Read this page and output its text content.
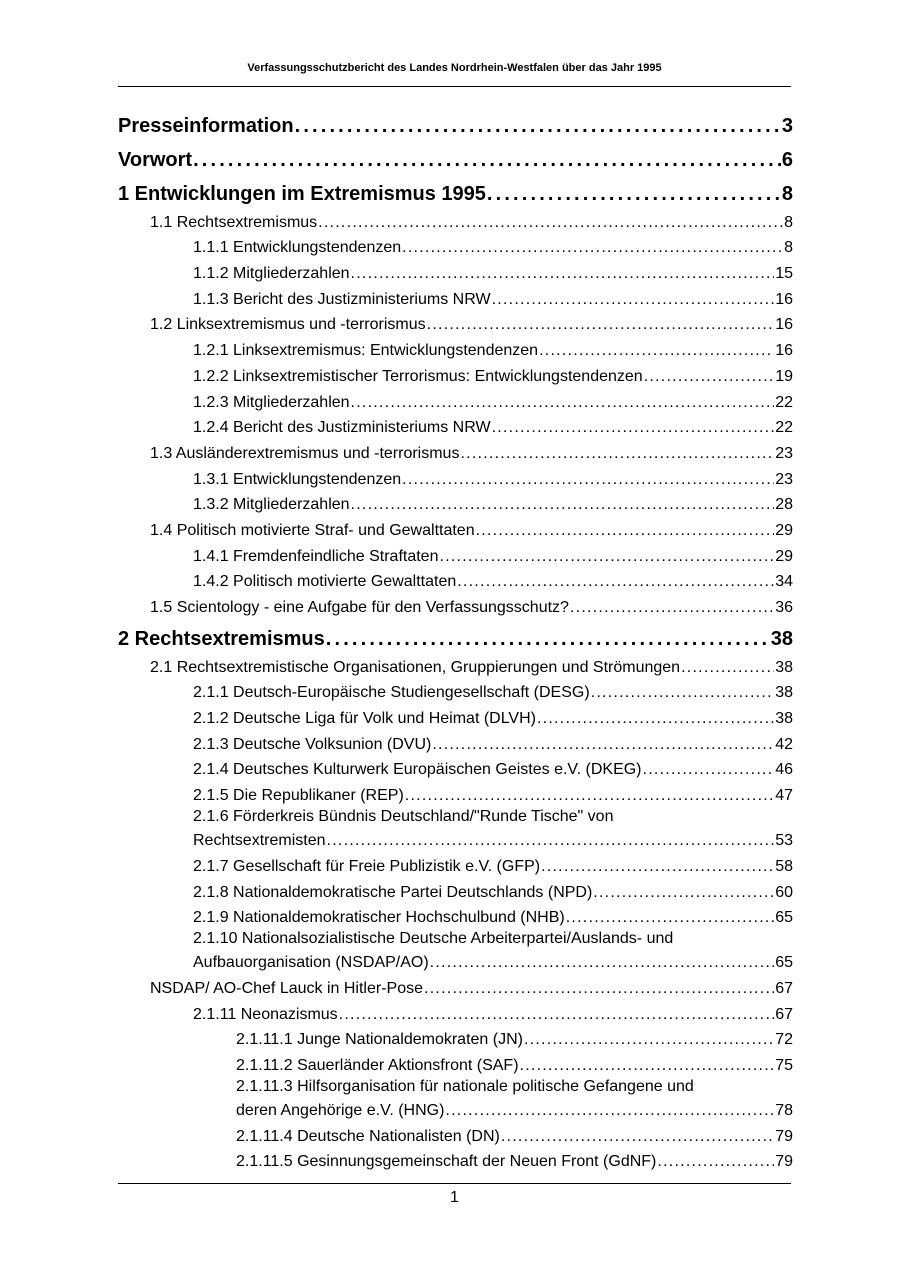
Verfassungsschutzbericht des Landes Nordrhein-Westfalen über das Jahr 1995
Presseinformation . . .	3
Vorwort . . .	6
1 Entwicklungen im Extremismus 1995 . . .	8
1.1 Rechtsextremismus . . .	8
1.1.1 Entwicklungstendenzen . . .	8
1.1.2 Mitgliederzahlen . . .	15
1.1.3 Bericht des Justizministeriums NRW . . .	16
1.2 Linksextremismus und -terrorismus . . .	16
1.2.1 Linksextremismus: Entwicklungstendenzen . . .	16
1.2.2 Linksextremistischer Terrorismus: Entwicklungstendenzen . . .	19
1.2.3 Mitgliederzahlen . . .	22
1.2.4 Bericht des Justizministeriums NRW . . .	22
1.3 Ausländerextremismus und -terrorismus . . .	23
1.3.1 Entwicklungstendenzen . . .	23
1.3.2 Mitgliederzahlen . . .	28
1.4 Politisch motivierte Straf- und Gewalttaten . . .	29
1.4.1 Fremdenfeindliche Straftaten . . .	29
1.4.2 Politisch motivierte Gewalttaten . . .	34
1.5 Scientology - eine Aufgabe für den Verfassungsschutz? . . .	36
2 Rechtsextremismus . . .	38
2.1 Rechtsextremistische Organisationen, Gruppierungen und Strömungen . . .	38
2.1.1 Deutsch-Europäische Studiengesellschaft (DESG) . . .	38
2.1.2 Deutsche Liga für Volk und Heimat (DLVH) . . .	38
2.1.3 Deutsche Volksunion (DVU) . . .	42
2.1.4 Deutsches Kulturwerk Europäischen Geistes e.V. (DKEG) . . .	46
2.1.5 Die Republikaner (REP) . . .	47
2.1.6 Förderkreis Bündnis Deutschland/"Runde Tische" von
Rechtsextremisten . . .	53
2.1.7 Gesellschaft für Freie Publizistik e.V. (GFP) . . .	58
2.1.8 Nationaldemokratische Partei Deutschlands (NPD) . . .	60
2.1.9 Nationaldemokratischer Hochschulbund (NHB) . . .	65
2.1.10 Nationalsozialistische Deutsche Arbeiterpartei/Auslands- und
Aufbauorganisation (NSDAP/AO) . . .	65
NSDAP/ AO-Chef Lauck in Hitler-Pose . . .	67
2.1.11 Neonazismus . . .	67
2.1.11.1 Junge Nationaldemokraten (JN) . . .	72
2.1.11.2 Sauerländer Aktionsfront (SAF) . . .	75
2.1.11.3 Hilfsorganisation für nationale politische Gefangene und
deren Angehörige e.V. (HNG) . . .	78
2.1.11.4 Deutsche Nationalisten (DN) . . .	79
2.1.11.5 Gesinnungsgemeinschaft der Neuen Front (GdNF) . . .	79
1
